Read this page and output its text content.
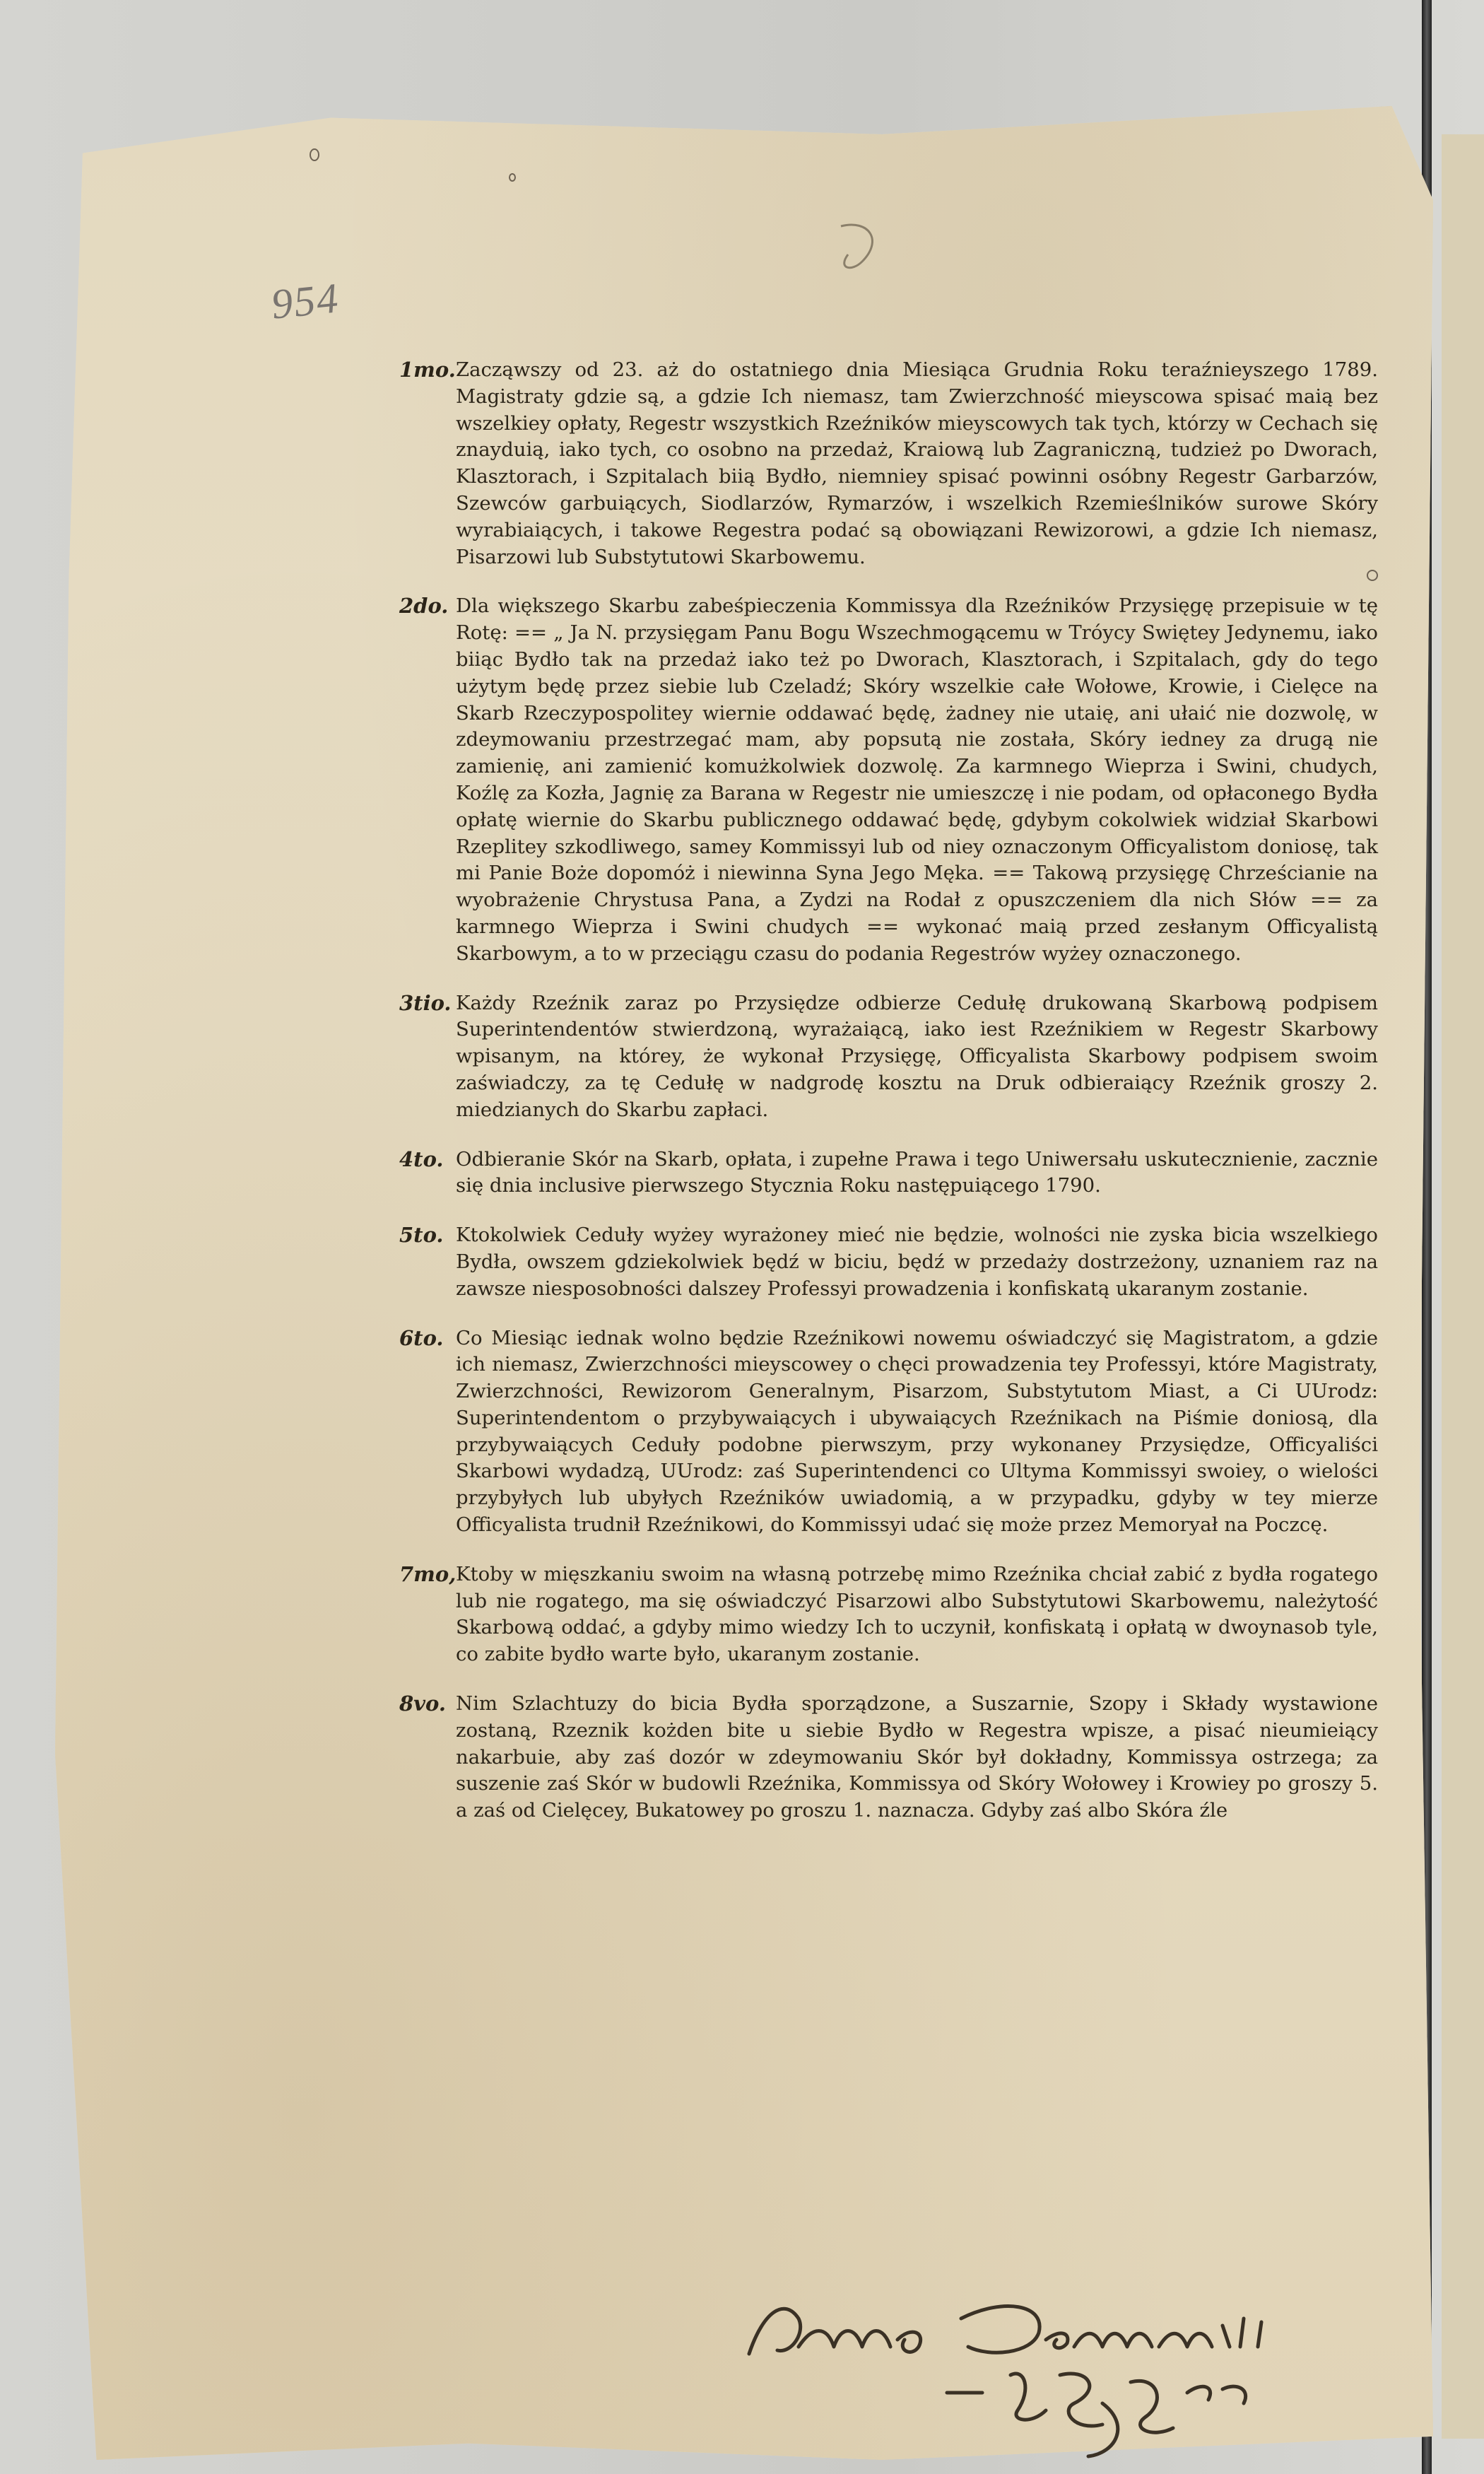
954
1mo. Zacząwszy od 23. aż do ostatniego dnia Miesiąca Grudnia Roku teraźnieyszego 1789. Magistraty gdzie są, a gdzie Ich niemasz, tam Zwierzchność mieyscowa spisać maią bez wszelkiey opłaty, Regestr wszystkich Rzeźników mieyscowych tak tych, którzy w Cechach się znayduią, iako tych, co osobno na przedaż, Kraiową lub Zagraniczną, tudzież po Dworach, Klasztorach, i Szpitalach biią Bydło, niemniey spisać powinni osóbny Regestr Garbarzów, Szewców garbuiących, Siodlarzów, Rymarzów, i wszelkich Rzemieślników surowe Skóry wyrabiaiących, i takowe Regestra podać są obowiązani Rewizorowi, a gdzie Ich niemasz, Pisarzowi lub Substytutowi Skarbowemu.
2do. Dla większego Skarbu zabeśpieczenia Kommissya dla Rzeźników Przysięgę przepisuie w tę Rotę: == „ Ja N. przysięgam Panu Bogu Wszechmogącemu w Tróycy Swiętey Jedynemu, iako biiąc Bydło tak na przedaż iako też po Dworach, Klasztorach, i Szpitalach, gdy do tego użytym będę przez siebie lub Czeladź; Skóry wszelkie całe Wołowe, Krowie, i Cielęce na Skarb Rzeczypospolitey wiernie oddawać będę, żadney nie utaię, ani ułaić nie dozwolę, w zdeymowaniu przestrzegać mam, aby popsutą nie została, Skóry iedney za drugą nie zamienię, ani zamienić komużkolwiek dozwolę. Za karmnego Wieprza i Swini, chudych, Koźlę za Kozła, Jagnię za Barana w Regestr nie umieszczę i nie podam, od opłaconego Bydła opłatę wiernie do Skarbu publicznego oddawać będę, gdybym cokolwiek widział Skarbowi Rzeplitey szkodliwego, samey Kommissyi lub od niey oznaczonym Officyalistom doniosę, tak mi Panie Boże dopomóż i niewinna Syna Jego Męka. == Takową przysięgę Chrześcianie na wyobrażenie Chrystusa Pana, a Zydzi na Rodał z opuszczeniem dla nich Słów == za karmnego Wieprza i Swini chudych == wykonać maią przed zesłanym Officyalistą Skarbowym, a to w przeciągu czasu do podania Regestrów wyżey oznaczonego.
3tio. Każdy Rzeźnik zaraz po Przysiędze odbierze Cedułę drukowaną Skarbową podpisem Superintendentów stwierdzoną, wyrażaiącą, iako iest Rzeźnikiem w Regestr Skarbowy wpisanym, na którey, że wykonał Przysięgę, Officyalista Skarbowy podpisem swoim zaświadczy, za tę Cedułę w nadgrodę kosztu na Druk odbieraiący Rzeźnik groszy 2. miedzianych do Skarbu zapłaci.
4to. Odbieranie Skór na Skarb, opłata, i zupełne Prawa i tego Uniwersału uskutecznienie, zacznie się dnia inclusive pierwszego Stycznia Roku następuiącego 1790.
5to. Ktokolwiek Ceduły wyżey wyrażoney mieć nie będzie, wolności nie zyska bicia wszelkiego Bydła, owszem gdziekolwiek będź w biciu, będź w przedaży dostrzeżony, uznaniem raz na zawsze niesposobności dalszey Professyi prowadzenia i konfiskatą ukaranym zostanie.
6to. Co Miesiąc iednak wolno będzie Rzeźnikowi nowemu oświadczyć się Magistratom, a gdzie ich niemasz, Zwierzchności mieyscowey o chęci prowadzenia tey Professyi, które Magistraty, Zwierzchności, Rewizorom Generalnym, Pisarzom, Substytutom Miast, a Ci UUrodz: Superintendentom o przybywaiących i ubywaiących Rzeźnikach na Piśmie doniosą, dla przybywaiących Ceduły podobne pierwszym, przy wykonaney Przysiędze, Officyaliści Skarbowi wydadzą, UUrodz: zaś Superintendenci co Ultyma Kommissyi swoiey, o wielości przybyłych lub ubyłych Rzeźników uwiadomią, a w przypadku, gdyby w tey mierze Officyalista trudnił Rzeźnikowi, do Kommissyi udać się może przez Memoryał na Poczcę.
7mo, Ktoby w mięszkaniu swoim na własną potrzebę mimo Rzeźnika chciał zabić z bydła rogatego lub nie rogatego, ma się oświadczyć Pisarzowi albo Substytutowi Skarbowemu, należytość Skarbową oddać, a gdyby mimo wiedzy Ich to uczynił, konfiskatą i opłatą w dwoynasob tyle, co zabite bydło warte było, ukaranym zostanie.
8vo. Nim Szlachtuzy do bicia Bydła sporządzone, a Suszarnie, Szopy i Składy wystawione zostaną, Rzeznik kożden bite u siebie Bydło w Regestra wpisze, a pisać nieumieiący nakarbuie, aby zaś dozór w zdeymowaniu Skór był dokładny, Kommissya ostrzega; za suszenie zaś Skór w budowli Rzeźnika, Kommissya od Skóry Wołowey i Krowiey po groszy 5. a zaś od Cielęcey, Bukatowey po groszu 1. naznacza. Gdyby zaś albo Skóra źle
